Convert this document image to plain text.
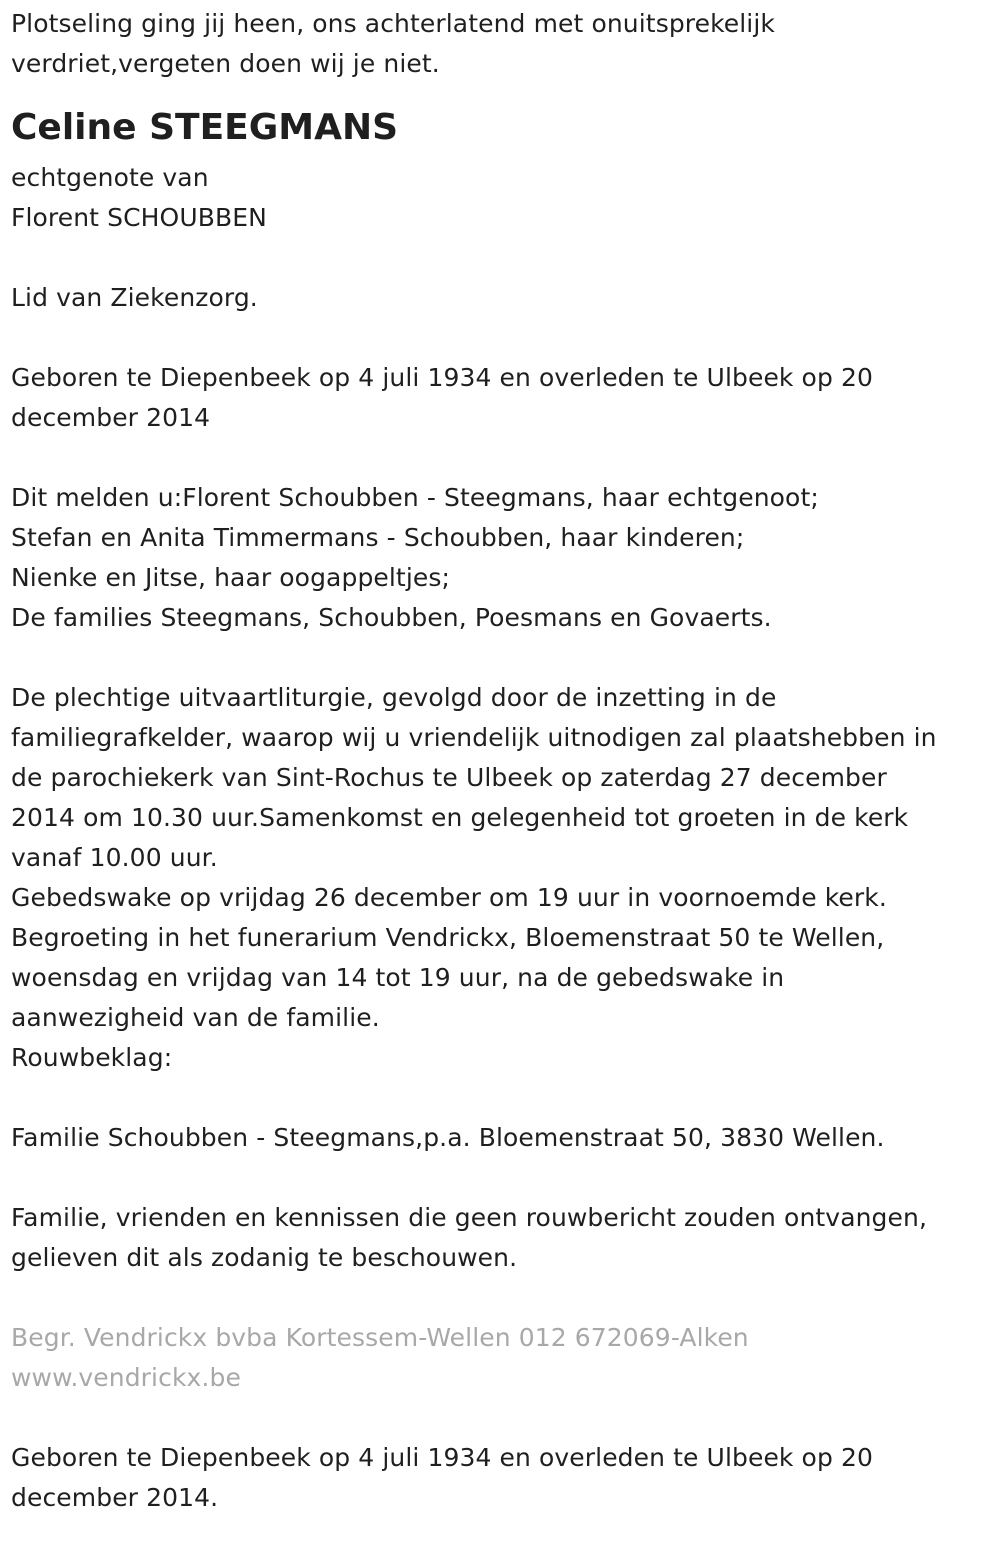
Plotseling ging jij heen, ons achterlatend met onuitsprekelijk

verdriet,vergeten doen wij je niet.

Celine STEEGMANS

echtgenote van

Florent SCHOUBBEN

Lid van Ziekenzorg.

Geboren te Diepenbeek op 4 juli 1934 en overleden te Ulbeek op 20

december 2014

Dit melden u:Florent Schoubben - Steegmans, haar echtgenoot;

Stefan en Anita Timmermans - Schoubben, haar kinderen;

Nienke en Jitse, haar oogappeltjes;

De families Steegmans, Schoubben, Poesmans en Govaerts.

De plechtige uitvaartliturgie, gevolgd door de inzetting in de

familiegrafkelder, waarop wij u vriendelijk uitnodigen zal plaatshebben in

de parochiekerk van Sint-Rochus te Ulbeek op zaterdag 27 december

2014 om 10.30 uur.Samenkomst en gelegenheid tot groeten in de kerk

vanaf 10.00 uur.

Gebedswake op vrijdag 26 december om 19 uur in voornoemde kerk.

Begroeting in het funerarium Vendrickx, Bloemenstraat 50 te Wellen,

woensdag en vrijdag van 14 tot 19 uur, na de gebedswake in

aanwezigheid van de familie.

Rouwbeklag:

Familie Schoubben - Steegmans,p.a. Bloemenstraat 50, 3830 Wellen.

Familie, vrienden en kennissen die geen rouwbericht zouden ontvangen,

gelieven dit als zodanig te beschouwen.

Begr. Vendrickx bvba Kortessem-Wellen 012 672069-Alken

www.vendrickx.be

Geboren te Diepenbeek op 4 juli 1934 en overleden te Ulbeek op 20

december 2014.
